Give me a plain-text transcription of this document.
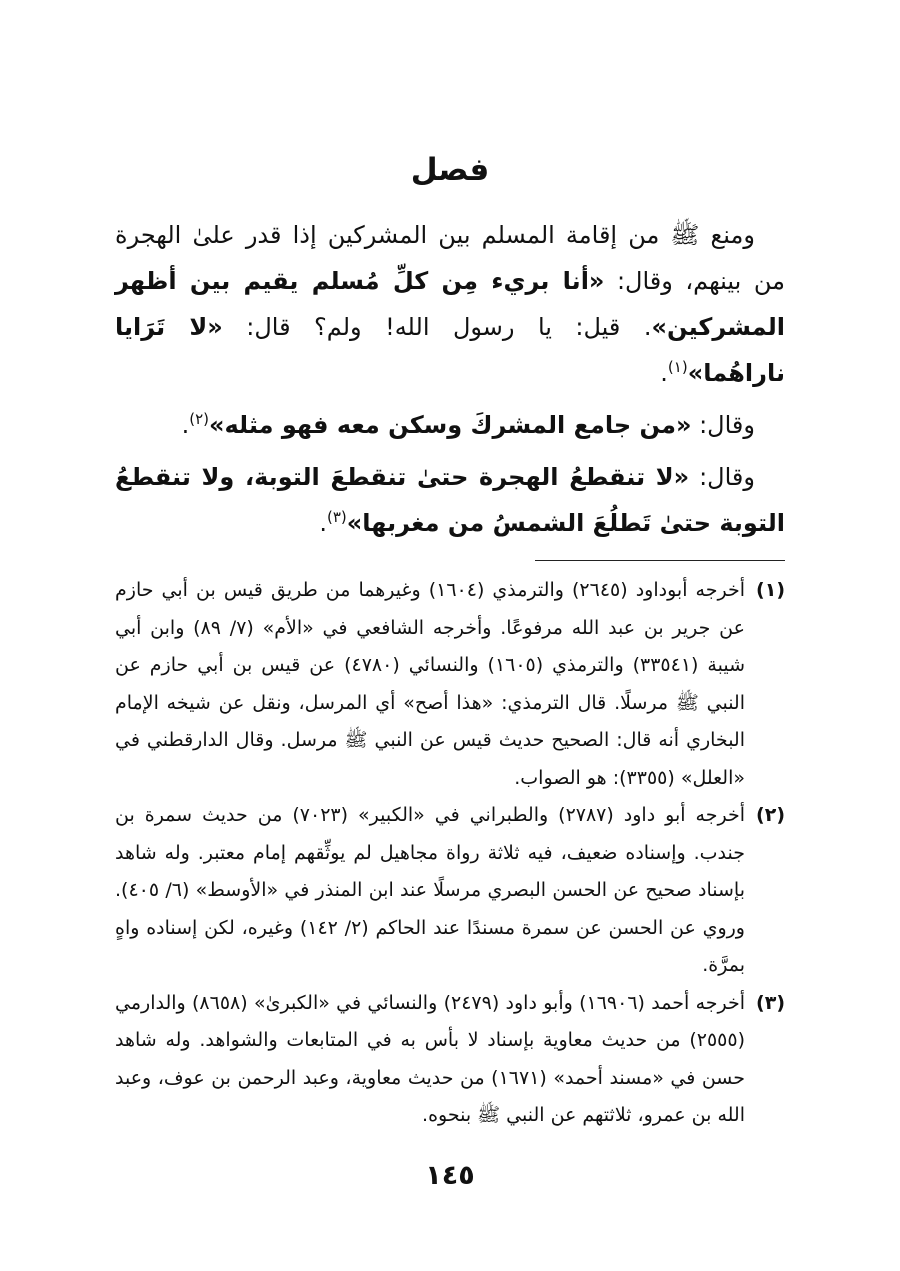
فصل

ومنع ﷺ من إقامة المسلم بين المشركين إذا قدر علىٰ الهجرة من بينهم، وقال: «أنا بريء مِن كلِّ مُسلم يقيم بين أظهر المشركين». قيل: يا رسول الله! ولم؟ قال: «لا تَرَايا ناراهُما»$^{(١)}$.

وقال: «من جامع المشركَ وسكن معه فهو مثله»$^{(٢)}$.

وقال: «لا تنقطعُ الهجرة حتىٰ تنقطعَ التوبة، ولا تنقطعُ التوبة حتىٰ تَطلُعَ الشمسُ من مغربها»$^{(٣)}$.

(١)
أخرجه أبوداود (٢٦٤٥) والترمذي (١٦٠٤) وغيرهما من طريق قيس بن أبي حازم عن جرير بن عبد الله مرفوعًا. وأخرجه الشافعي في «الأم» (٧/ ٨٩) وابن أبي شيبة (٣٣٥٤١) والترمذي (١٦٠٥) والنسائي (٤٧٨٠) عن قيس بن أبي حازم عن النبي ﷺ مرسلًا. قال الترمذي: «هذا أصح» أي المرسل، ونقل عن شيخه الإمام البخاري أنه قال: الصحيح حديث قيس عن النبي ﷺ مرسل. وقال الدارقطني في «العلل» (٣٣٥٥): هو الصواب.
(٢)
أخرجه أبو داود (٢٧٨٧) والطبراني في «الكبير» (٧٠٢٣) من حديث سمرة بن جندب. وإسناده ضعيف، فيه ثلاثة رواة مجاهيل لم يوثِّقهم إمام معتبر. وله شاهد بإسناد صحيح عن الحسن البصري مرسلًا عند ابن المنذر في «الأوسط» (٦/ ٤٠٥). وروي عن الحسن عن سمرة مسندًا عند الحاكم (٢/ ١٤٢) وغيره، لكن إسناده واهٍ بمرَّة.
(٣)
أخرجه أحمد (١٦٩٠٦) وأبو داود (٢٤٧٩) والنسائي في «الكبرىٰ» (٨٦٥٨) والدارمي (٢٥٥٥) من حديث معاوية بإسناد لا بأس به في المتابعات والشواهد. وله شاهد حسن في «مسند أحمد» (١٦٧١) من حديث معاوية، وعبد الرحمن بن عوف، وعبد الله بن عمرو، ثلاثتهم عن النبي ﷺ بنحوه.
١٤٥
